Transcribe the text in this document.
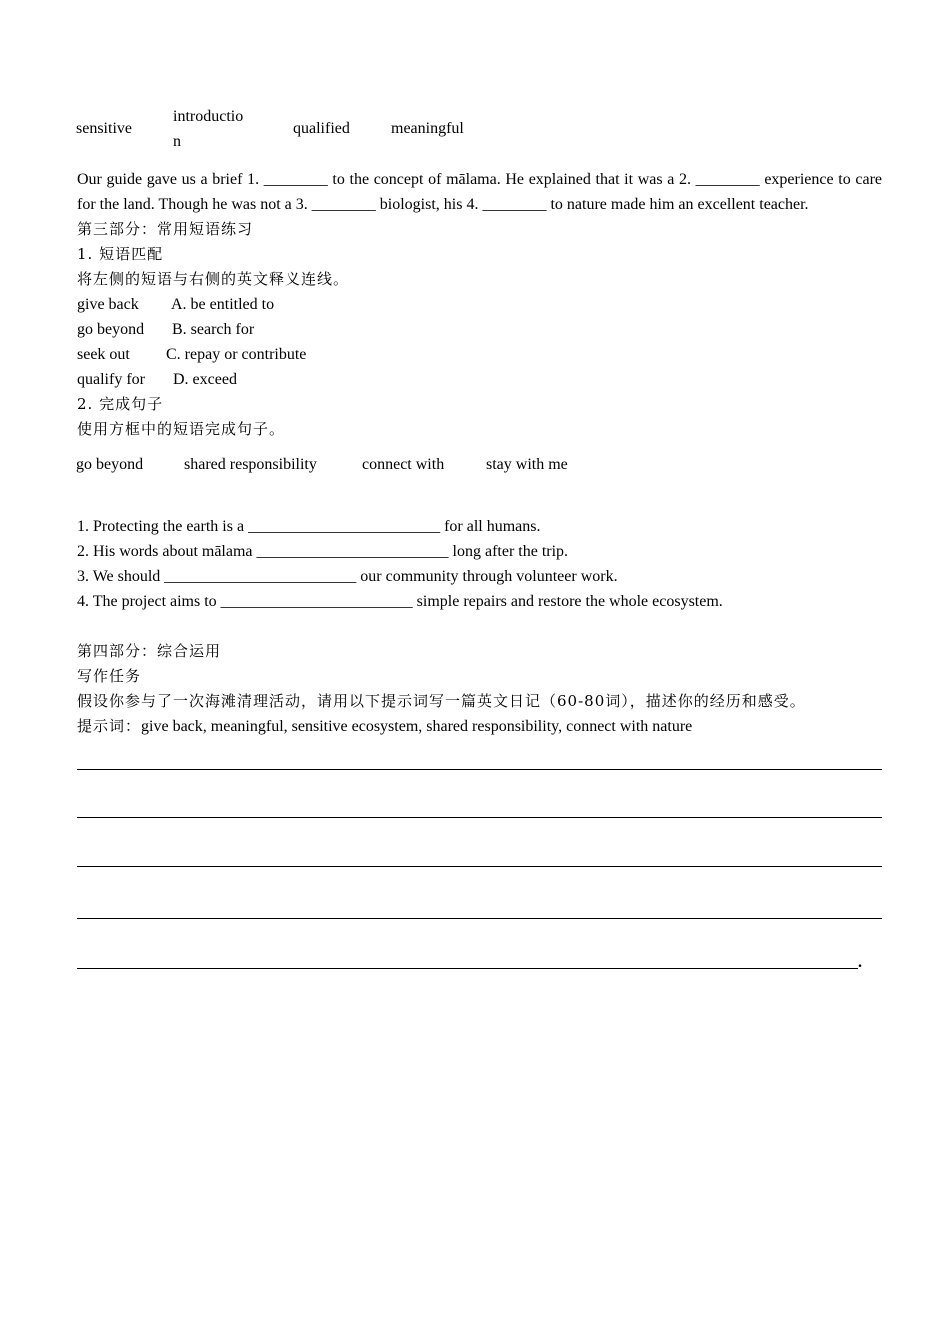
sensitive
introductio
n
qualified	meaningful
Our guide gave us a brief 1. ________ to the concept of mālama. He explained that it was a 2. ________ experience to care for the land. Though he was not a 3. ________ biologist, his 4. ________ to nature made him an excellent teacher.
第三部分：常用短语练习
1. 短语匹配
将左侧的短语与右侧的英文释义连线。
give back A. be entitled to
go beyond B. search for
seek out C. repay or contribute
qualify for D. exceed
2. 完成句子
使用方框中的短语完成句子。
go beyond	shared responsibility	connect with	stay with me
1. Protecting the earth is a ________________________ for all humans.
2. His words about mālama ________________________ long after the trip.
3. We should ________________________ our community through volunteer work.
4. The project aims to ________________________ simple repairs and restore the whole ecosystem.
第四部分：综合运用
写作任务
假设你参与了一次海滩清理活动，请用以下提示词写一篇英文日记（60-80词），描述你的经历和感受。
提示词：give back, meaningful, sensitive ecosystem, shared responsibility, connect with nature
.
